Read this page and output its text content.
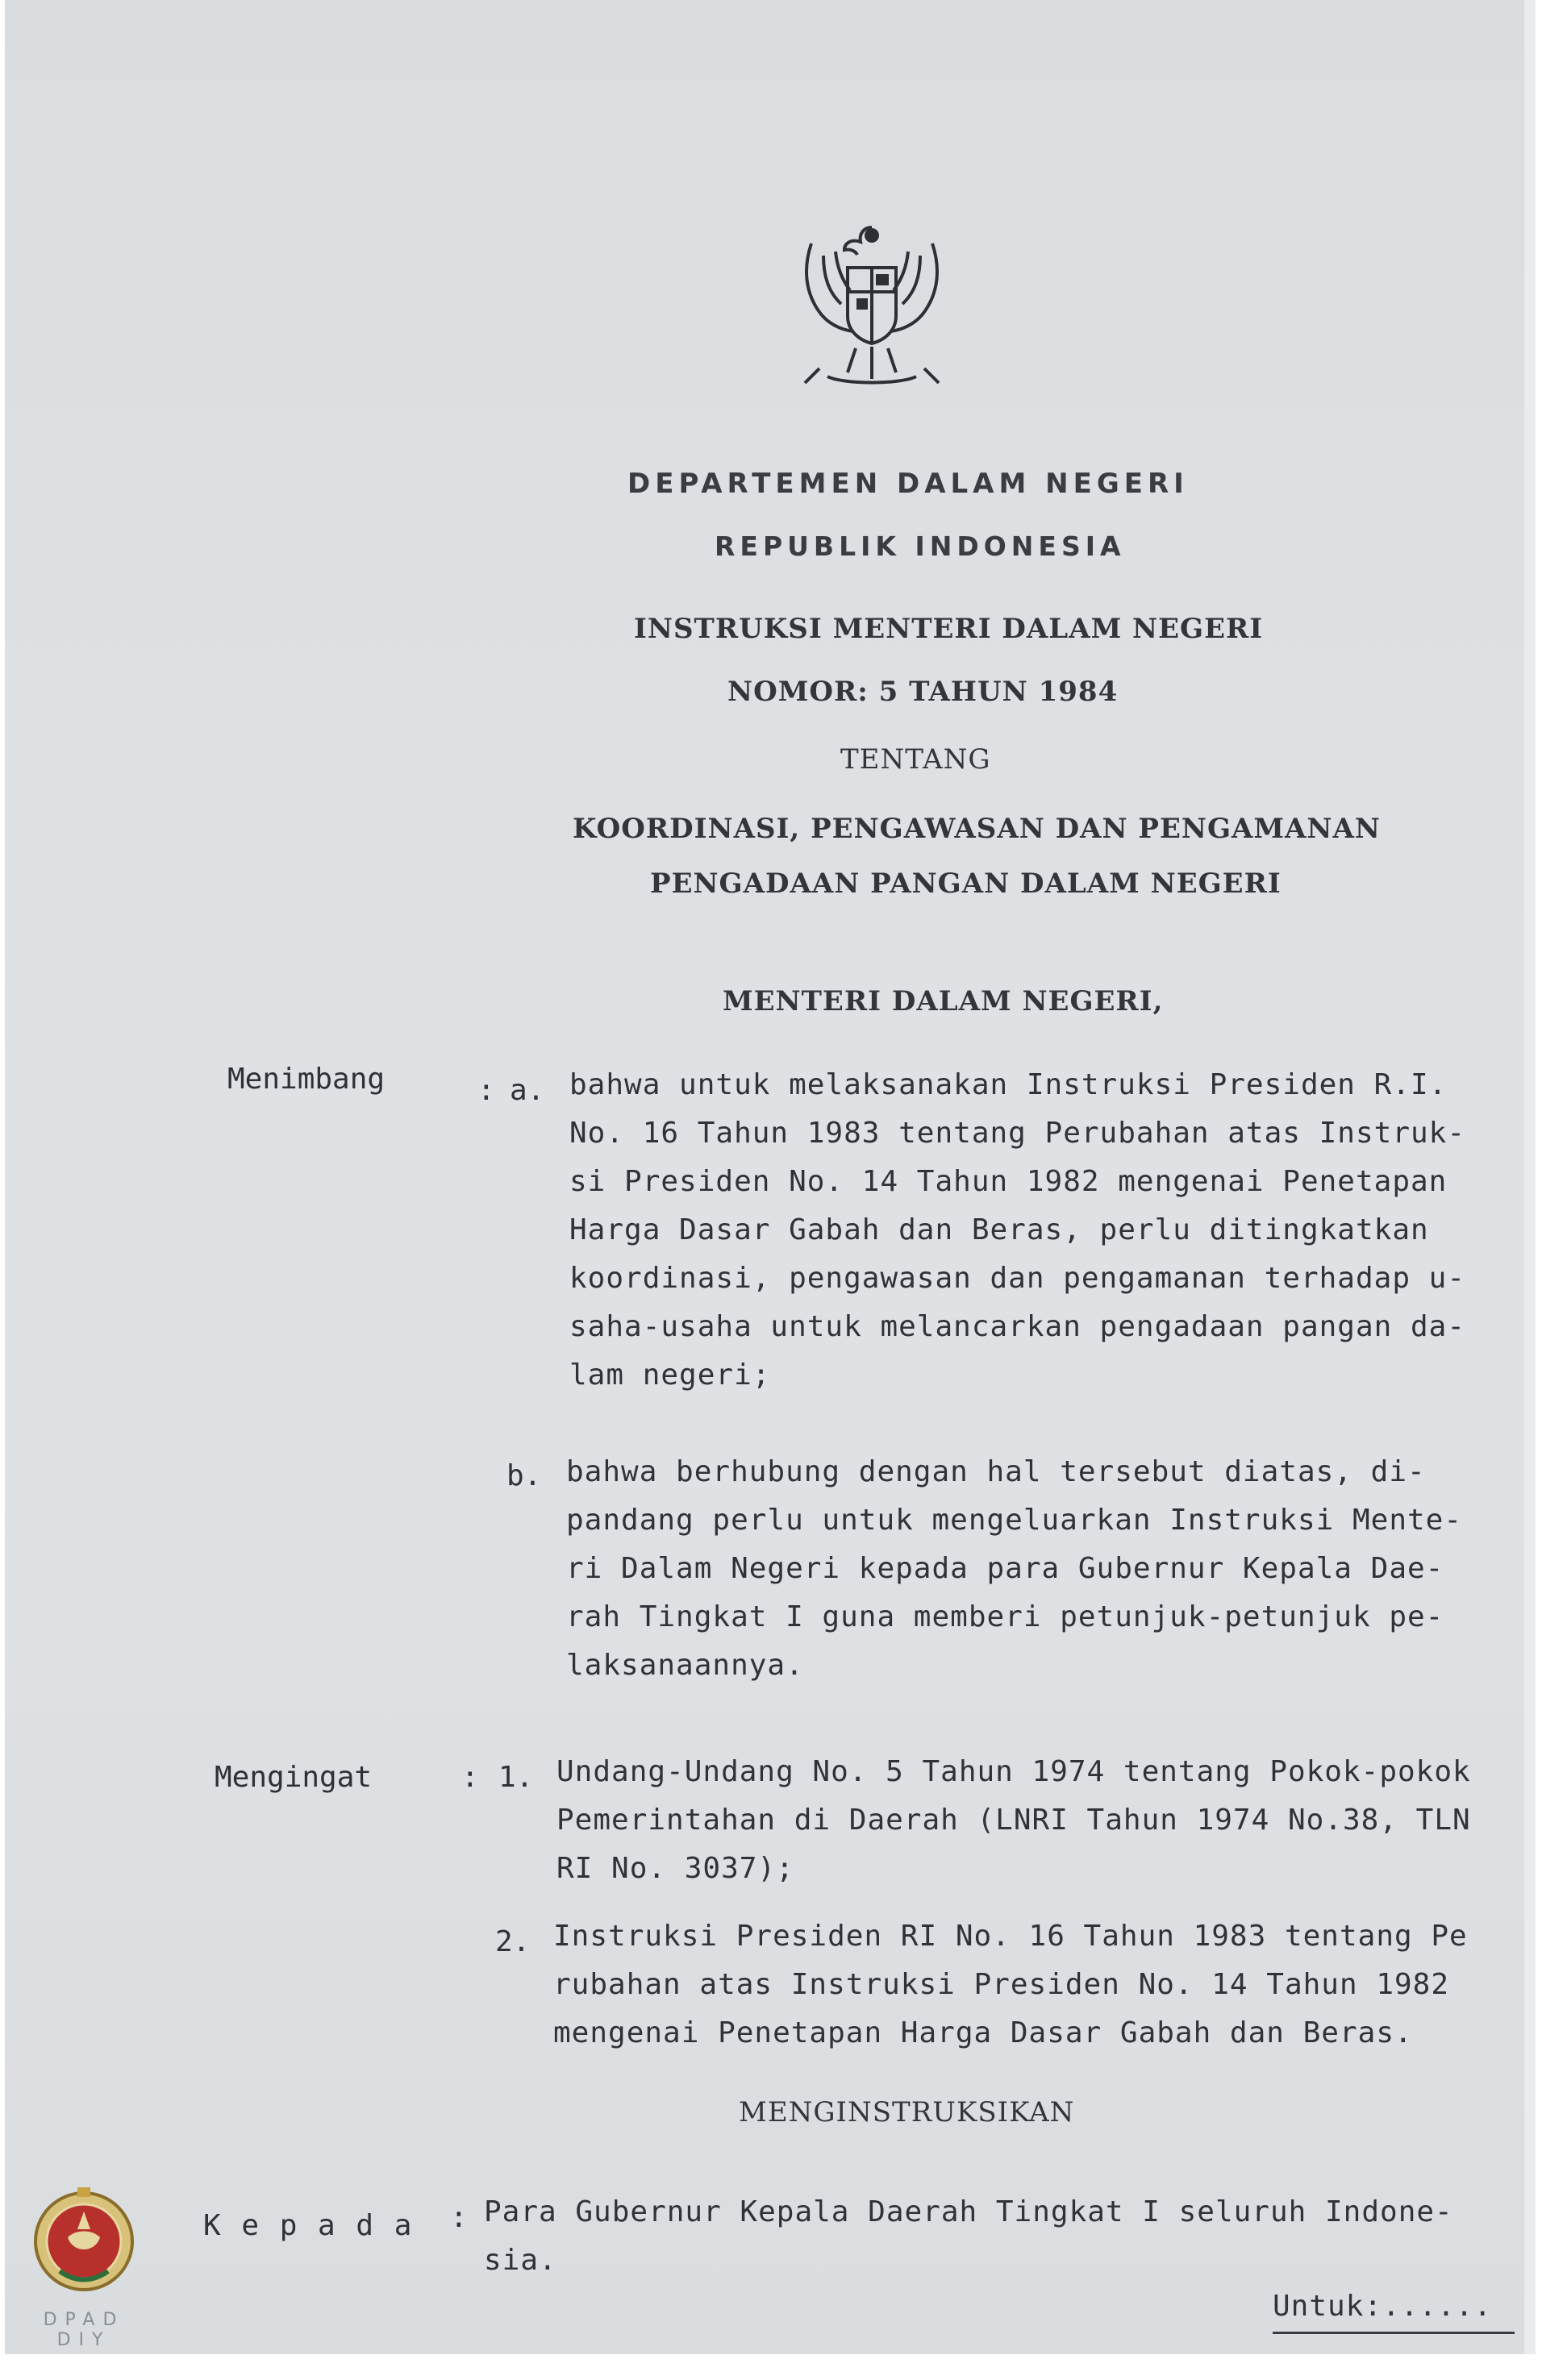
DEPARTEMEN DALAM NEGERI
REPUBLIK INDONESIA
INSTRUKSI MENTERI DALAM NEGERI
NOMOR: 5 TAHUN 1984
TENTANG
KOORDINASI, PENGAWASAN DAN PENGAMANAN
PENGADAAN PANGAN DALAM NEGERI
MENTERI DALAM NEGERI,
Menimbang	: a. bahwa untuk melaksanakan Instruksi Presiden R.I.
No. 16 Tahun 1983 tentang Perubahan atas Instruk-
si Presiden No. 14 Tahun 1982 mengenai Penetapan
Harga Dasar Gabah dan Beras, perlu ditingkatkan
koordinasi, pengawasan dan pengamanan terhadap u-
saha-usaha untuk melancarkan pengadaan pangan da-
lam negeri;
b. bahwa berhubung dengan hal tersebut diatas, di-
pandang perlu untuk mengeluarkan Instruksi Mente-
ri Dalam Negeri kepada para Gubernur Kepala Dae-
rah Tingkat I guna memberi petunjuk-petunjuk pe-
laksanaannya.
Mengingat	: 1. Undang-Undang No. 5 Tahun 1974 tentang Pokok-pokok
Pemerintahan di Daerah (LNRI Tahun 1974 No.38, TLN
RI No. 3037);
2. Instruksi Presiden RI No. 16 Tahun 1983 tentang Pe
rubahan atas Instruksi Presiden No. 14 Tahun 1982
mengenai Penetapan Harga Dasar Gabah dan Beras.
MENGINSTRUKSIKAN
K e p a d a : Para Gubernur Kepala Daerah Tingkat I seluruh Indone-
sia.
Untuk:......
DPAD
DIY
